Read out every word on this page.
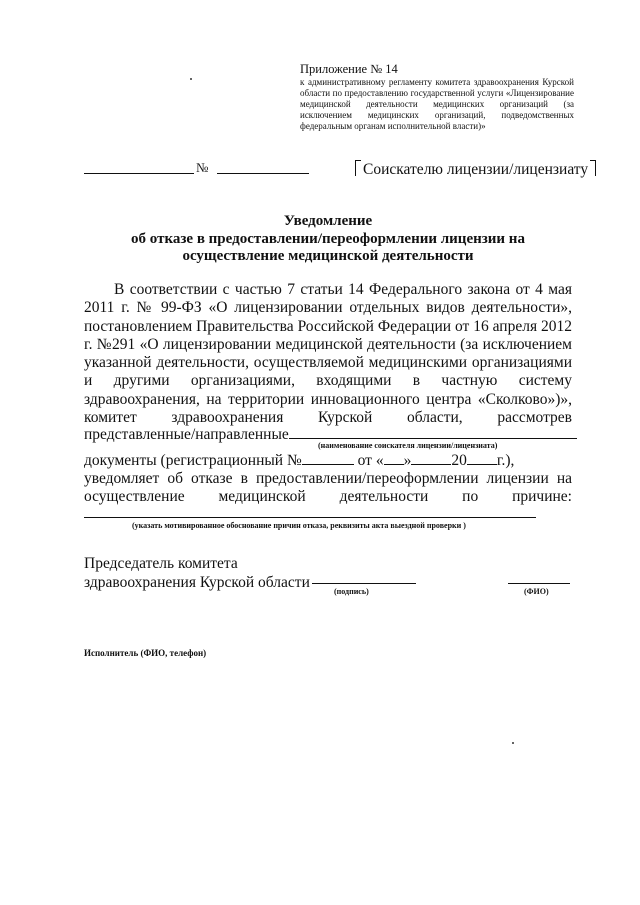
Приложение № 14

к административному регламенту комитета здравоохранения Курской области по предоставлению государственной услуги «Лицензирование медицинской деятельности медицинских организаций (за исключением медицинских организаций, подведомственных федеральным органам исполнительной власти)»

№	Соискателю лицензии/лицензиату
Уведомление
об отказе в предоставлении/переоформлении лицензии на
осуществление медицинской деятельности

В соответствии с частью 7 статьи 14 Федерального закона от 4 мая 2011 г. № 99-ФЗ «О лицензировании отдельных видов деятельности», постановлением Правительства Российской Федерации от 16 апреля 2012 г. №291 «О лицензировании медицинской деятельности (за исключением указанной деятельности, осуществляемой медицинскими организациями и другими организациями, входящими в частную систему здравоохранения, на территории инновационного центра «Сколково»)», комитет здравоохранения Курской области, рассмотрев

представленные/направленные
(наименование соискателя лицензии/лицензиата)
документы (регистрационный №	от « »	20 г.),

уведомляет об отказе в предоставлении/переоформлении лицензии на осуществление медицинской деятельности по причине:

(указать мотивированное обоснование причин отказа, реквизиты акта выездной проверки )
Председатель комитета
здравоохранения Курской области
(подпись)	(ФИО)
Исполнитель (ФИО, телефон)
